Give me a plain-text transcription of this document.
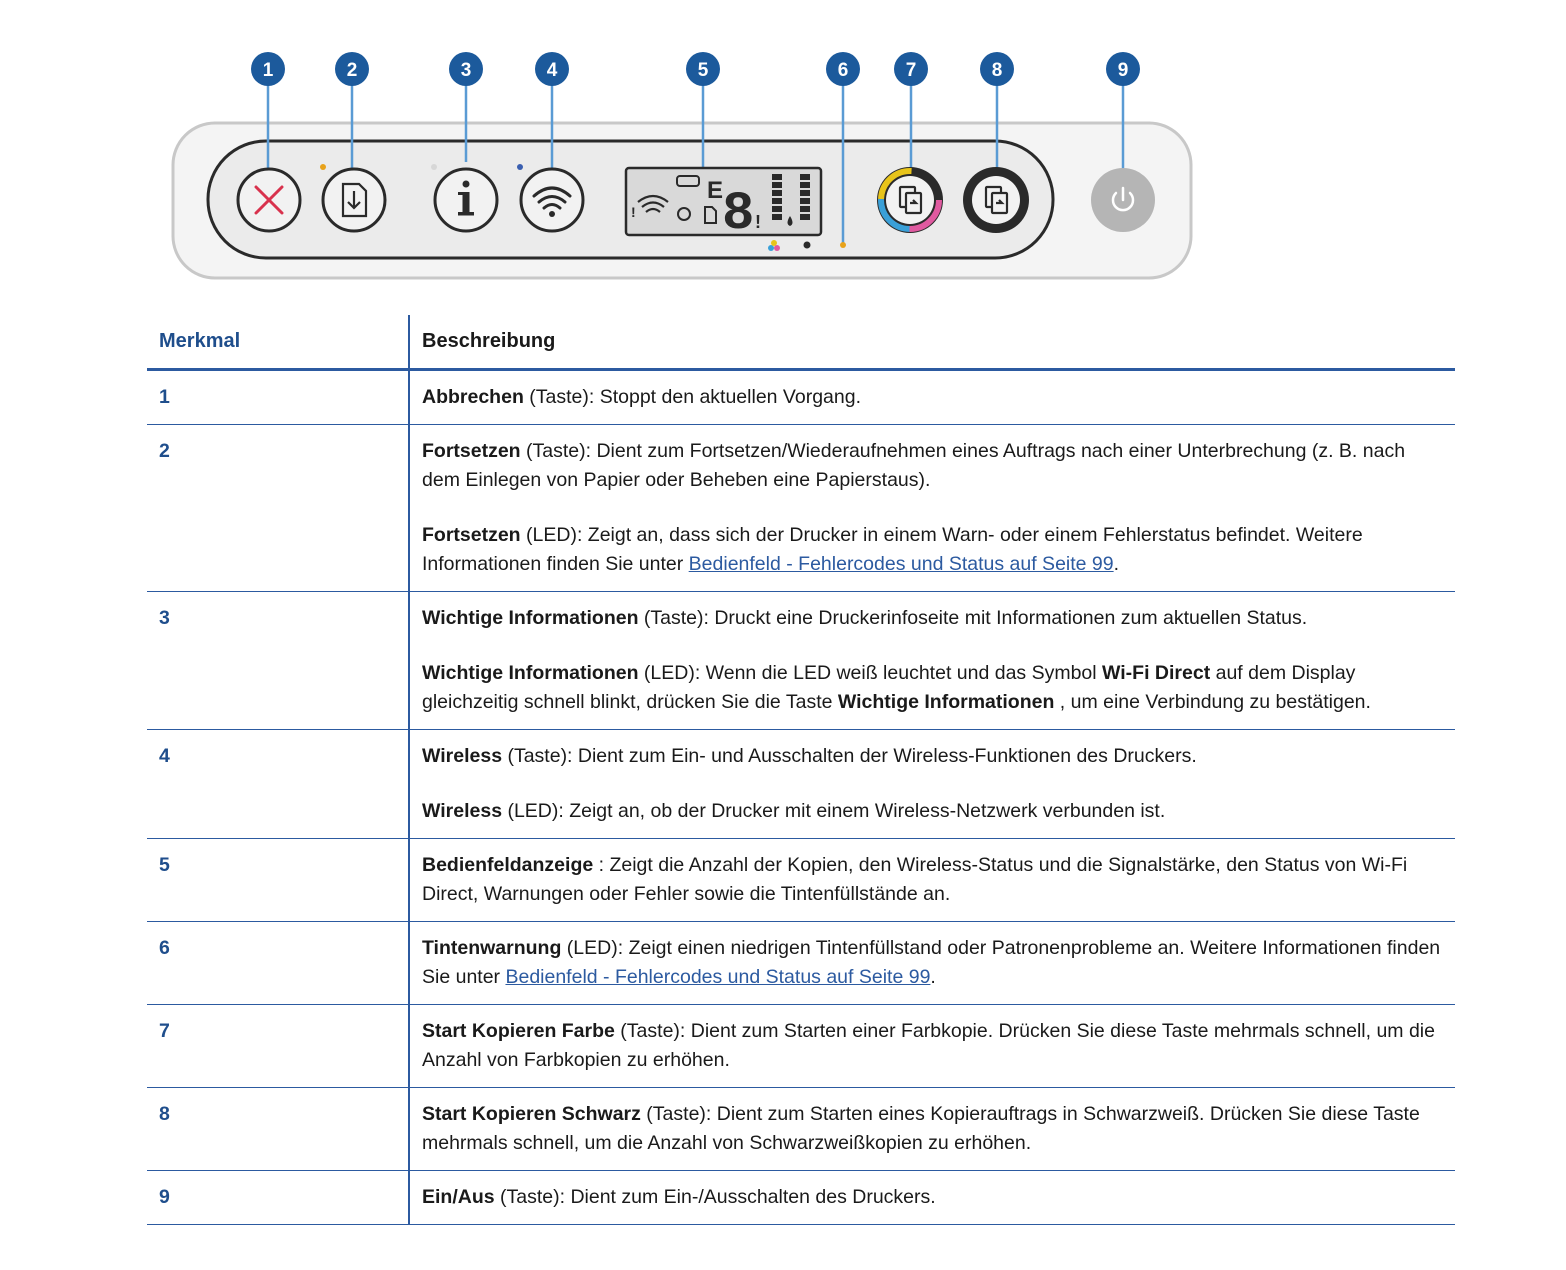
!
E
8 !
1	2	3	4	5	6	7	8	9
Merkmal	Beschreibung
1	Abbrechen (Taste): Stoppt den aktuellen Vorgang.

2	Fortsetzen (Taste): Dient zum Fortsetzen/Wiederaufnehmen eines Auftrags nach einer Unterbrechung (z. B. nach dem Einlegen von Papier oder Beheben eine Papierstaus).

Fortsetzen (LED): Zeigt an, dass sich der Drucker in einem Warn- oder einem Fehlerstatus befindet. Weitere Informationen finden Sie unter Bedienfeld - Fehlercodes und Status auf Seite 99.

3	Wichtige Informationen (Taste): Druckt eine Druckerinfoseite mit Informationen zum aktuellen Status.

Wichtige Informationen (LED): Wenn die LED weiß leuchtet und das Symbol Wi-Fi Direct auf dem Display gleichzeitig schnell blinkt, drücken Sie die Taste Wichtige Informationen , um eine Verbindung zu bestätigen.

4	Wireless (Taste): Dient zum Ein- und Ausschalten der Wireless-Funktionen des Druckers.

Wireless (LED): Zeigt an, ob der Drucker mit einem Wireless-Netzwerk verbunden ist.

5	Bedienfeldanzeige : Zeigt die Anzahl der Kopien, den Wireless-Status und die Signalstärke, den Status von Wi-Fi Direct, Warnungen oder Fehler sowie die Tintenfüllstände an.

6	Tintenwarnung (LED): Zeigt einen niedrigen Tintenfüllstand oder Patronenprobleme an. Weitere Informationen finden Sie unter Bedienfeld - Fehlercodes und Status auf Seite 99.

7	Start Kopieren Farbe (Taste): Dient zum Starten einer Farbkopie. Drücken Sie diese Taste mehrmals schnell, um die Anzahl von Farbkopien zu erhöhen.

8	Start Kopieren Schwarz (Taste): Dient zum Starten eines Kopierauftrags in Schwarzweiß. Drücken Sie diese Taste mehrmals schnell, um die Anzahl von Schwarzweißkopien zu erhöhen.

9	Ein/Aus (Taste): Dient zum Ein-/Ausschalten des Druckers.
